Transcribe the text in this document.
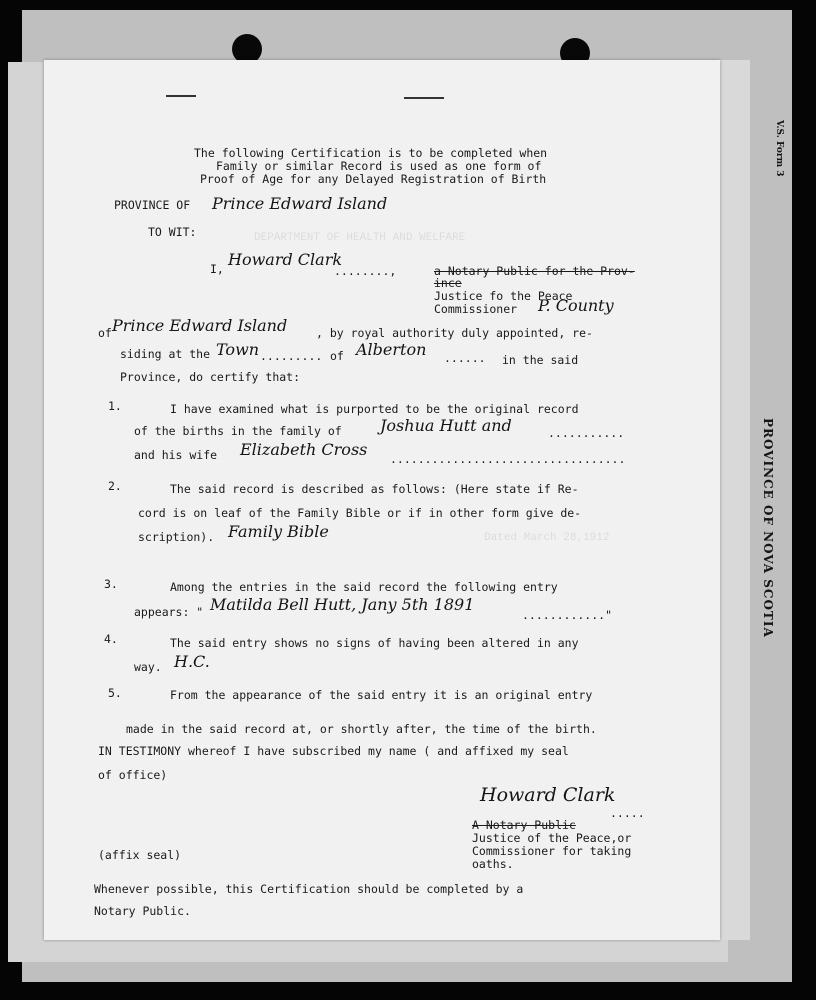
V.S. Form 3
PROVINCE OF NOVA SCOTIA
DEPARTMENT OF HEALTH AND WELFARE
Dated March 28,1912
The following Certification is to be completed when
Family or similar Record is used as one form of
Proof of Age for any Delayed Registration of Birth
PROVINCE OF Prince Edward Island
TO WIT:
I, Howard Clark
........,	a Notary Public for the Prov-
ince
Justice fo the Peace
Commissioner P. County
of Prince Edward Island	, by royal authority duly appointed, re-
siding at the Town ......... of Alberton ...... in the said
Province, do certify that:
1.	I have examined what is purported to be the original record
of the births in the family of Joshua Hutt and	...........
and his wife Elizabeth Cross ..................................
2.	The said record is described as follows: (Here state if Re-
cord is on leaf of the Family Bible or if in other form give de-
scription). Family Bible
3.	Among the entries in the said record the following entry
appears: " Matilda Bell Hutt, Jany 5th 1891
............"
4.	The said entry shows no signs of having been altered in any
way. H.C.
5.	From the appearance of the said entry it is an original entry
made in the said record at, or shortly after, the time of the birth.
IN TESTIMONY whereof I have subscribed my name ( and affixed my seal
of office)
Howard Clark
.....
A Notary Public
Justice of the Peace,or
Commissioner for taking
oaths.
(affix seal)
Whenever possible, this Certification should be completed by a
Notary Public.
